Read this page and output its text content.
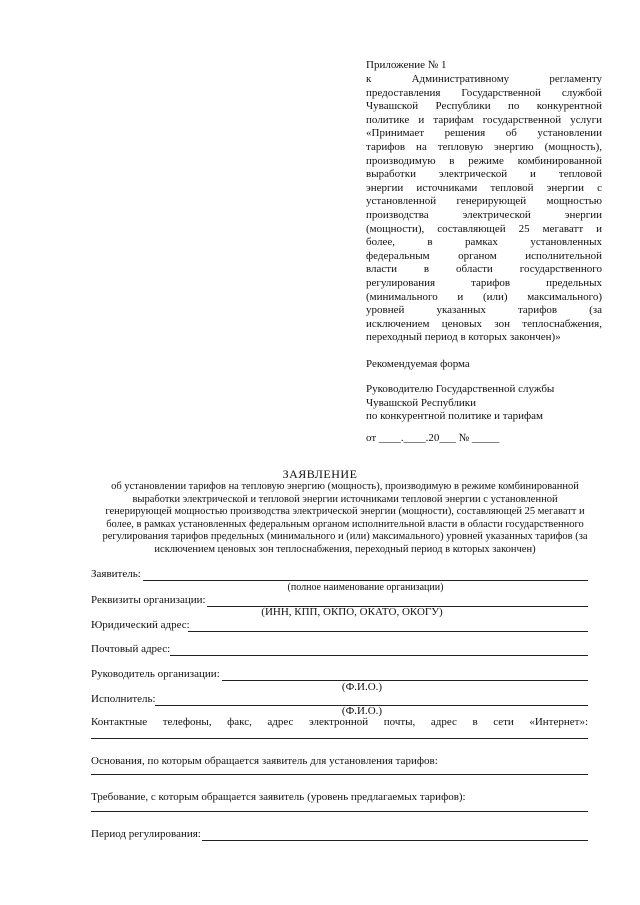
Приложение № 1
к Административному регламенту
предоставления Государственной службой
Чувашской Республики по конкурентной
политике и тарифам государственной услуги
«Принимает решения об установлении
тарифов на тепловую энергию (мощность),
производимую в режиме комбинированной
выработки электрической и тепловой
энергии источниками тепловой энергии с
установленной генерирующей мощностью
производства электрической энергии
(мощности), составляющей 25 мегаватт и
более, в рамках установленных
федеральным органом исполнительной
власти в области государственного
регулирования тарифов предельных
(минимального и (или) максимального)
уровней указанных тарифов (за
исключением ценовых зон теплоснабжения,
переходный период в которых закончен)»
Рекомендуемая форма
Руководителю Государственной службы
Чувашской Республики
по конкурентной политике и тарифам
от ____.____.20___ № _____
ЗАЯВЛЕНИЕ
об установлении тарифов на тепловую энергию (мощность), производимую в режиме комбинированной
выработки электрической и тепловой энергии источниками тепловой энергии с установленной
генерирующей мощностью производства электрической энергии (мощности), составляющей 25 мегаватт и
более, в рамках установленных федеральным органом исполнительной власти в области государственного
регулирования тарифов предельных (минимального и (или) максимального) уровней указанных тарифов (за
исключением ценовых зон теплоснабжения, переходный период в которых закончен)
Заявитель:
(полное наименование организации)
Реквизиты организации:
(ИНН, КПП, ОКПО, ОКАТО, ОКОГУ)
Юридический адрес:
Почтовый адрес:
Руководитель организации:
(Ф.И.О.)
Исполнитель:
(Ф.И.О.)
Контактные телефоны, факс, адрес электронной почты, адрес в сети «Интернет»:
Основания, по которым обращается заявитель для установления тарифов:
Требование, с которым обращается заявитель (уровень предлагаемых тарифов):
Период регулирования:
